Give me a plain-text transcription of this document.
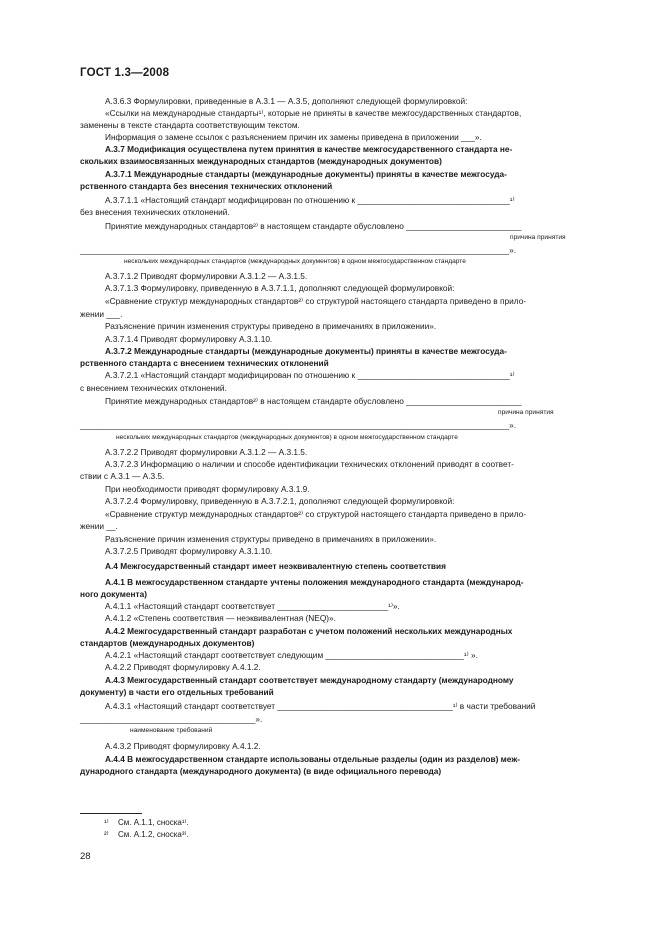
ГОСТ 1.3—2008
А.3.6.3 Формулировки, приведенные в А.3.1 — А.3.5, дополняют следующей формулировкой:
«Ссылки на международные стандарты¹⁾, которые не приняты в качестве межгосударственных стандартов,
заменены в тексте стандарта соответствующим текстом.
Информация о замене ссылок с разъяснением причин их замены приведена в приложении ___».
А.3.7 Модификация осуществлена путем принятия в качестве межгосударственного стандарта не-
скольких взаимосвязанных международных стандартов (международных документов)
А.3.7.1 Международные стандарты (международные документы) приняты в качестве межгосуда-
рственного стандарта без внесения технических отклонений
А.3.7.1.1 «Настоящий стандарт модифицирован по отношению к _________________________________¹⁾
без внесения технических отклонений.
Принятие международных стандартов²⁾ в настоящем стандарте обусловлено _________________________
причина принятия
_____________________________________________________________________________________________».
нескольких международных стандартов (международных документов) в одном межгосударственном стандарте
А.3.7.1.2 Приводят формулировки А.3.1.2 — А.3.1.5.
А.3.7.1.3 Формулировку, приведенную в А.3.7.1.1, дополняют следующей формулировкой:
«Сравнение структур международных стандартов²⁾ со структурой настоящего стандарта приведено в прило-
жении ___.
Разъяснение причин изменения структуры приведено в примечаниях в приложении».
А.3.7.1.4 Приводят формулировку А.3.1.10.
А.3.7.2 Международные стандарты (международные документы) приняты в качестве межгосуда-
рственного стандарта с внесением технических отклонений
А.3.7.2.1 «Настоящий стандарт модифицирован по отношению к _________________________________¹⁾
с внесением технических отклонений.
Принятие международных стандартов²⁾ в настоящем стандарте обусловлено _________________________
причина принятия
_____________________________________________________________________________________________».
нескольких международных стандартов (международных документов) в одном межгосударственном стандарте
А.3.7.2.2 Приводят формулировки А.3.1.2 — А.3.1.5.
А.3.7.2.3 Информацию о наличии и способе идентификации технических отклонений приводят в соответ-
ствии с А.3.1 — А.3.5.
При необходимости приводят формулировку А.3.1.9.
А.3.7.2.4 Формулировку, приведенную в А.3.7.2.1, дополняют следующей формулировкой:
«Сравнение структур международных стандартов²⁾ со структурой настоящего стандарта приведено в прило-
жении __.
Разъяснение причин изменения структуры приведено в примечаниях в приложении».
А.3.7.2.5 Приводят формулировку А.3.1.10.
А.4 Межгосударственный стандарт имеет неэквивалентную степень соответствия
А.4.1 В межгосударственном стандарте учтены положения международного стандарта (международ-
ного документа)
А.4.1.1 «Настоящий стандарт соответствует ________________________¹⁾».
А.4.1.2 «Степень соответствия — неэквивалентная (NEQ)».
А.4.2 Межгосударственный стандарт разработан с учетом положений нескольких международных
стандартов (международных документов)
А.4.2.1 «Настоящий стандарт соответствует следующим ______________________________¹⁾ ».
А.4.2.2 Приводят формулировку А.4.1.2.
А.4.3 Межгосударственный стандарт соответствует международному стандарту (международному
документу) в части его отдельных требований
А.4.3.1 «Настоящий стандарт соответствует ______________________________________¹⁾ в части требований
______________________________________».
наименование требований
А.4.3.2 Приводят формулировку А.4.1.2.
А.4.4 В межгосударственном стандарте использованы отдельные разделы (один из разделов) меж-
дународного стандарта (международного документа) (в виде официального перевода)
¹⁾ См. А.1.1, сноска¹⁾.
²⁾ См. А.1.2, сноска³⁾.
28
